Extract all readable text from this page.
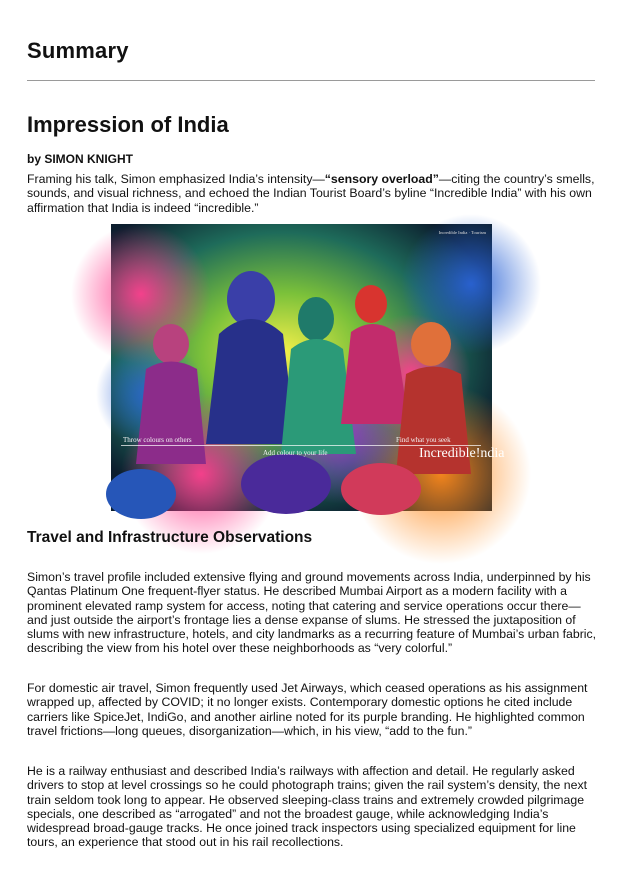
Summary
Impression of India
by SIMON KNIGHT

Framing his talk, Simon emphasized India’s intensity—“sensory overload”—citing the country’s smells, sounds, and visual richness, and echoed the Indian Tourist Board’s byline “Incredible India” with his own affirmation that India is indeed “incredible.”

Incredible India · Tourism
Throw colours on others
Add colour to your life
Find what you seek
Incredible!ndia
Travel and Infrastructure Observations

Simon’s travel profile included extensive flying and ground movements across India, underpinned by his Qantas Platinum One frequent-flyer status. He described Mumbai Airport as a modern facility with a prominent elevated ramp system for access, noting that catering and service operations occur there—and just outside the airport’s frontage lies a dense expanse of slums. He stressed the juxtaposition of slums with new infrastructure, hotels, and city landmarks as a recurring feature of Mumbai’s urban fabric, describing the view from his hotel over these neighborhoods as “very colorful.”

For domestic air travel, Simon frequently used Jet Airways, which ceased operations as his assignment wrapped up, affected by COVID; it no longer exists. Contemporary domestic options he cited include carriers like SpiceJet, IndiGo, and another airline noted for its purple branding. He highlighted common travel frictions—long queues, disorganization—which, in his view, “add to the fun.”

He is a railway enthusiast and described India’s railways with affection and detail. He regularly asked drivers to stop at level crossings so he could photograph trains; given the rail system’s density, the next train seldom took long to appear. He observed sleeping-class trains and extremely crowded pilgrimage specials, one described as “arrogated” and not the broadest gauge, while acknowledging India’s widespread broad-gauge tracks. He once joined track inspectors using specialized equipment for line tours, an experience that stood out in his rail recollections.
